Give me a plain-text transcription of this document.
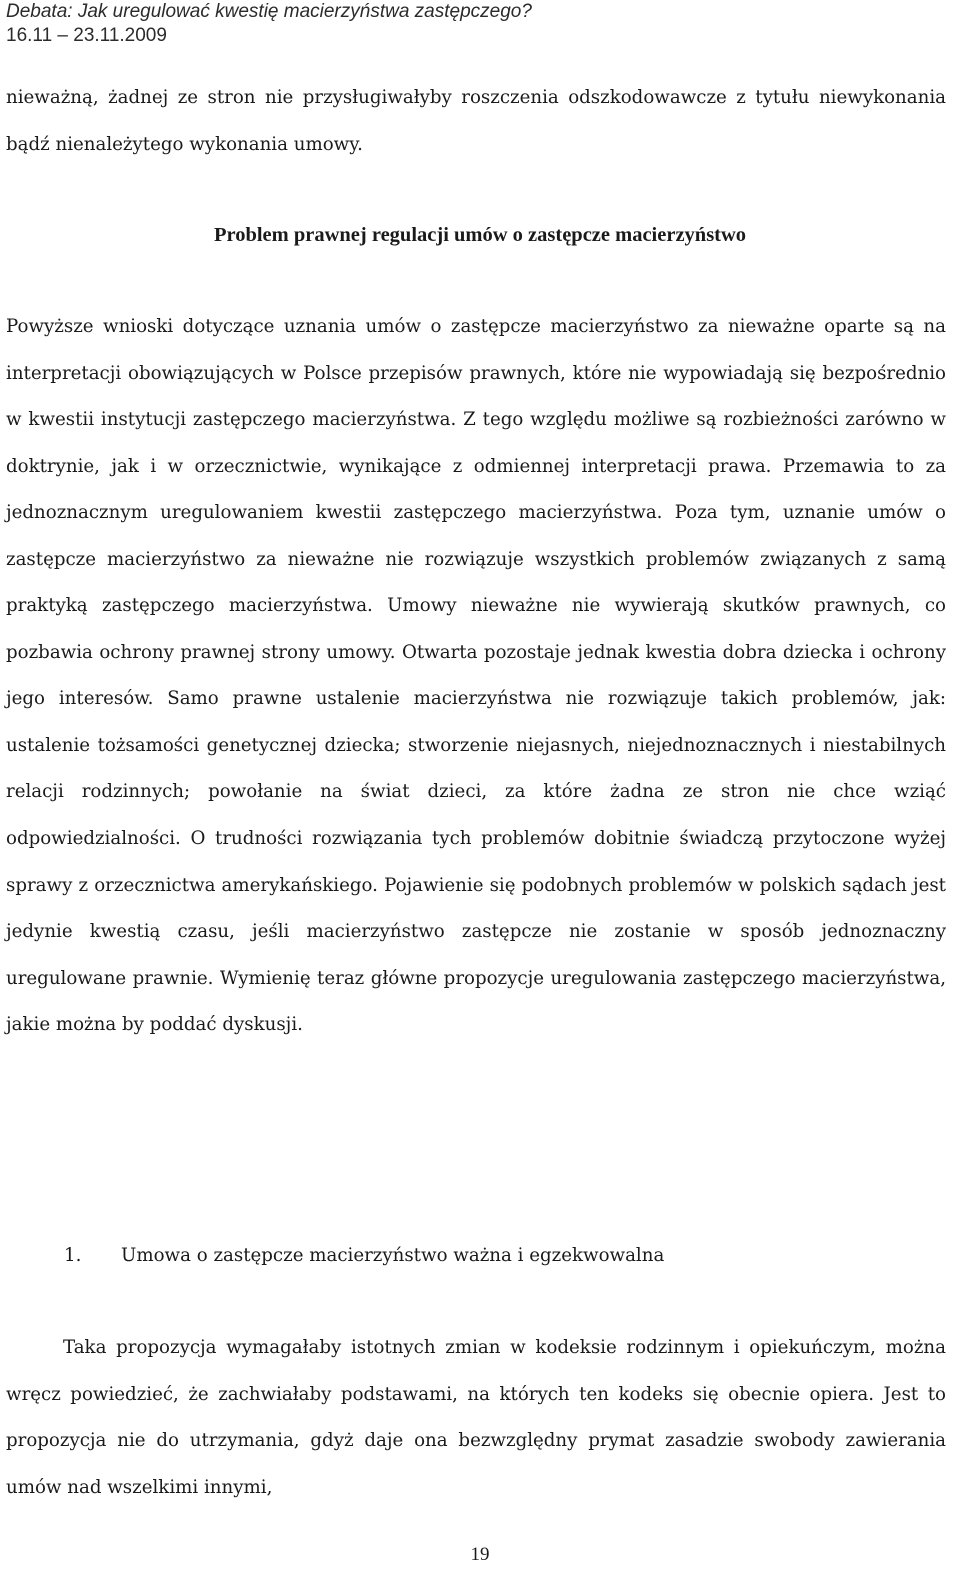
Debata: Jak uregulować kwestię macierzyństwa zastępczego?
16.11 – 23.11.2009

nieważną, żadnej ze stron nie przysługiwałyby roszczenia odszkodowawcze z tytułu niewykonania bądź nienależytego wykonania umowy.

Problem prawnej regulacji umów o zastępcze macierzyństwo

Powyższe wnioski dotyczące uznania umów o zastępcze macierzyństwo za nieważne oparte są na interpretacji obowiązujących w Polsce przepisów prawnych, które nie wypowiadają się bezpośrednio w kwestii instytucji zastępczego macierzyństwa. Z tego względu możliwe są rozbieżności zarówno w doktrynie, jak i w orzecznictwie, wynikające z odmiennej interpretacji prawa. Przemawia to za jednoznacznym uregulowaniem kwestii zastępczego macierzyństwa. Poza tym, uznanie umów o zastępcze macierzyństwo za nieważne nie rozwiązuje wszystkich problemów związanych z samą praktyką zastępczego macierzyństwa. Umowy nieważne nie wywierają skutków prawnych, co pozbawia ochrony prawnej strony umowy. Otwarta pozostaje jednak kwestia dobra dziecka i ochrony jego interesów. Samo prawne ustalenie macierzyństwa nie rozwiązuje takich problemów, jak: ustalenie tożsamości genetycznej dziecka; stworzenie niejasnych, niejednoznacznych i niestabilnych relacji rodzinnych; powołanie na świat dzieci, za które żadna ze stron nie chce wziąć odpowiedzialności. O trudności rozwiązania tych problemów dobitnie świadczą przytoczone wyżej sprawy z orzecznictwa amerykańskiego. Pojawienie się podobnych problemów w polskich sądach jest jedynie kwestią czasu, jeśli macierzyństwo zastępcze nie zostanie w sposób jednoznaczny uregulowane prawnie. Wymienię teraz główne propozycje uregulowania zastępczego macierzyństwa, jakie można by poddać dyskusji.

1. Umowa o zastępcze macierzyństwo ważna i egzekwowalna

Taka propozycja wymagałaby istotnych zmian w kodeksie rodzinnym i opiekuńczym, można wręcz powiedzieć, że zachwiałaby podstawami, na których ten kodeks się obecnie opiera. Jest to propozycja nie do utrzymania, gdyż daje ona bezwzględny prymat zasadzie swobody zawierania umów nad wszelkimi innymi,

19
